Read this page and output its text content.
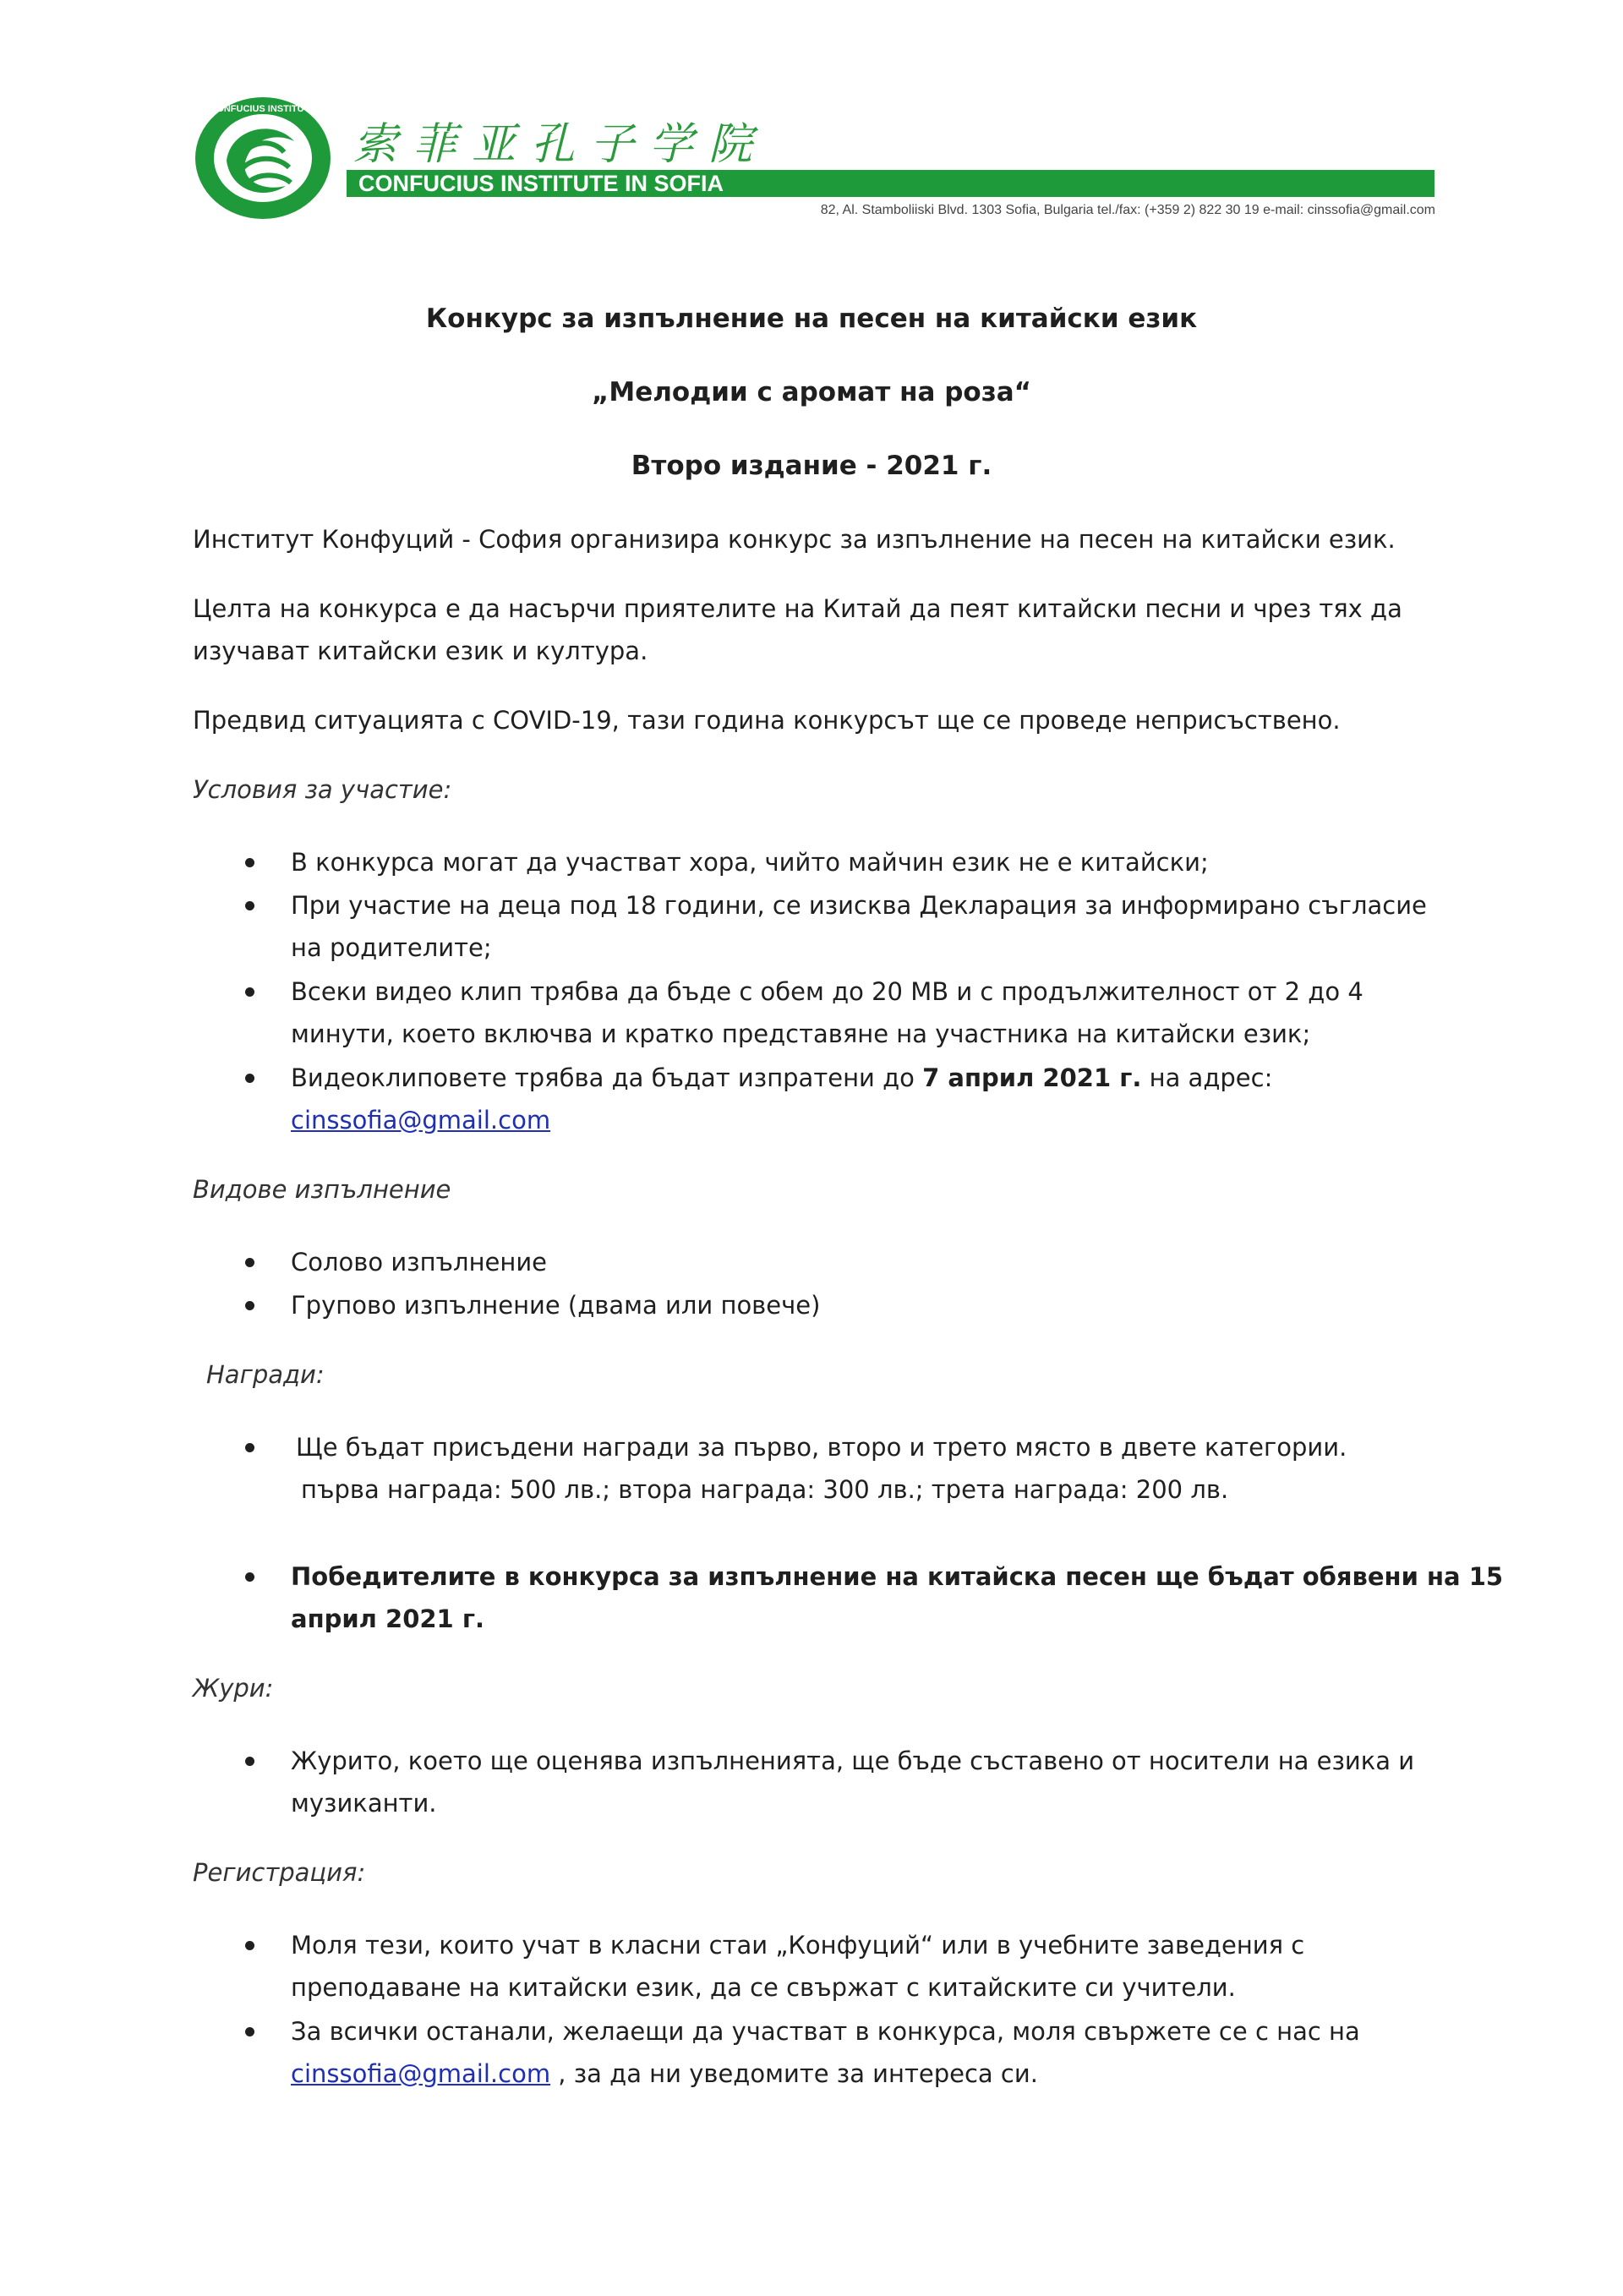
CONFUCIUS INSTITUTE
索菲亚孔子学院
CONFUCIUS INSTITUTE IN SOFIA
82, Al. Stamboliiski Blvd. 1303 Sofia, Bulgaria tel./fax: (+359 2) 822 30 19 e-mail: cinssofia@gmail.com
Конкурс за изпълнение на песен на китайски език
„Мелодии с аромат на роза“
Второ издание - 2021 г.
Институт Конфуций - София организира конкурс за изпълнение на песен на китайски език.
Целта на конкурса е да насърчи приятелите на Китай да пеят китайски песни и чрез тях да
изучават китайски език и култура.
Предвид ситуацията с COVID-19, тази година конкурсът ще се проведе неприсъствено.
Условия за участие:
В конкурса могат да участват хора, чийто майчин език не е китайски;
При участие на деца под 18 години, се изисква Декларация за информирано съгласие
на родителите;
Всеки видео клип трябва да бъде с обем до 20 MB и с продължителност от 2 до 4
минути, което включва и кратко представяне на участника на китайски език;
Видеоклиповете трябва да бъдат изпратени до 7 април 2021 г. на адрес:
cinssofia@gmail.com
Видове изпълнение
Солово изпълнение
Групово изпълнение (двама или повече)
Награди:
Ще бъдат присъдени награди за първо, второ и трето място в двете категории.
първа награда: 500 лв.; втора награда: 300 лв.; трета награда: 200 лв.
Победителите в конкурса за изпълнение на китайска песен ще бъдат обявени на 15
април 2021 г.
Жури:
Журито, което ще оценява изпълненията, ще бъде съставено от носители на езика и
музиканти.
Регистрация:
Моля тези, които учат в класни стаи „Конфуций“ или в учебните заведения с
преподаване на китайски език, да се свържат с китайските си учители.
За всички останали, желаещи да участват в конкурса, моля свържете се с нас на
cinssofia@gmail.com , за да ни уведомите за интереса си.
